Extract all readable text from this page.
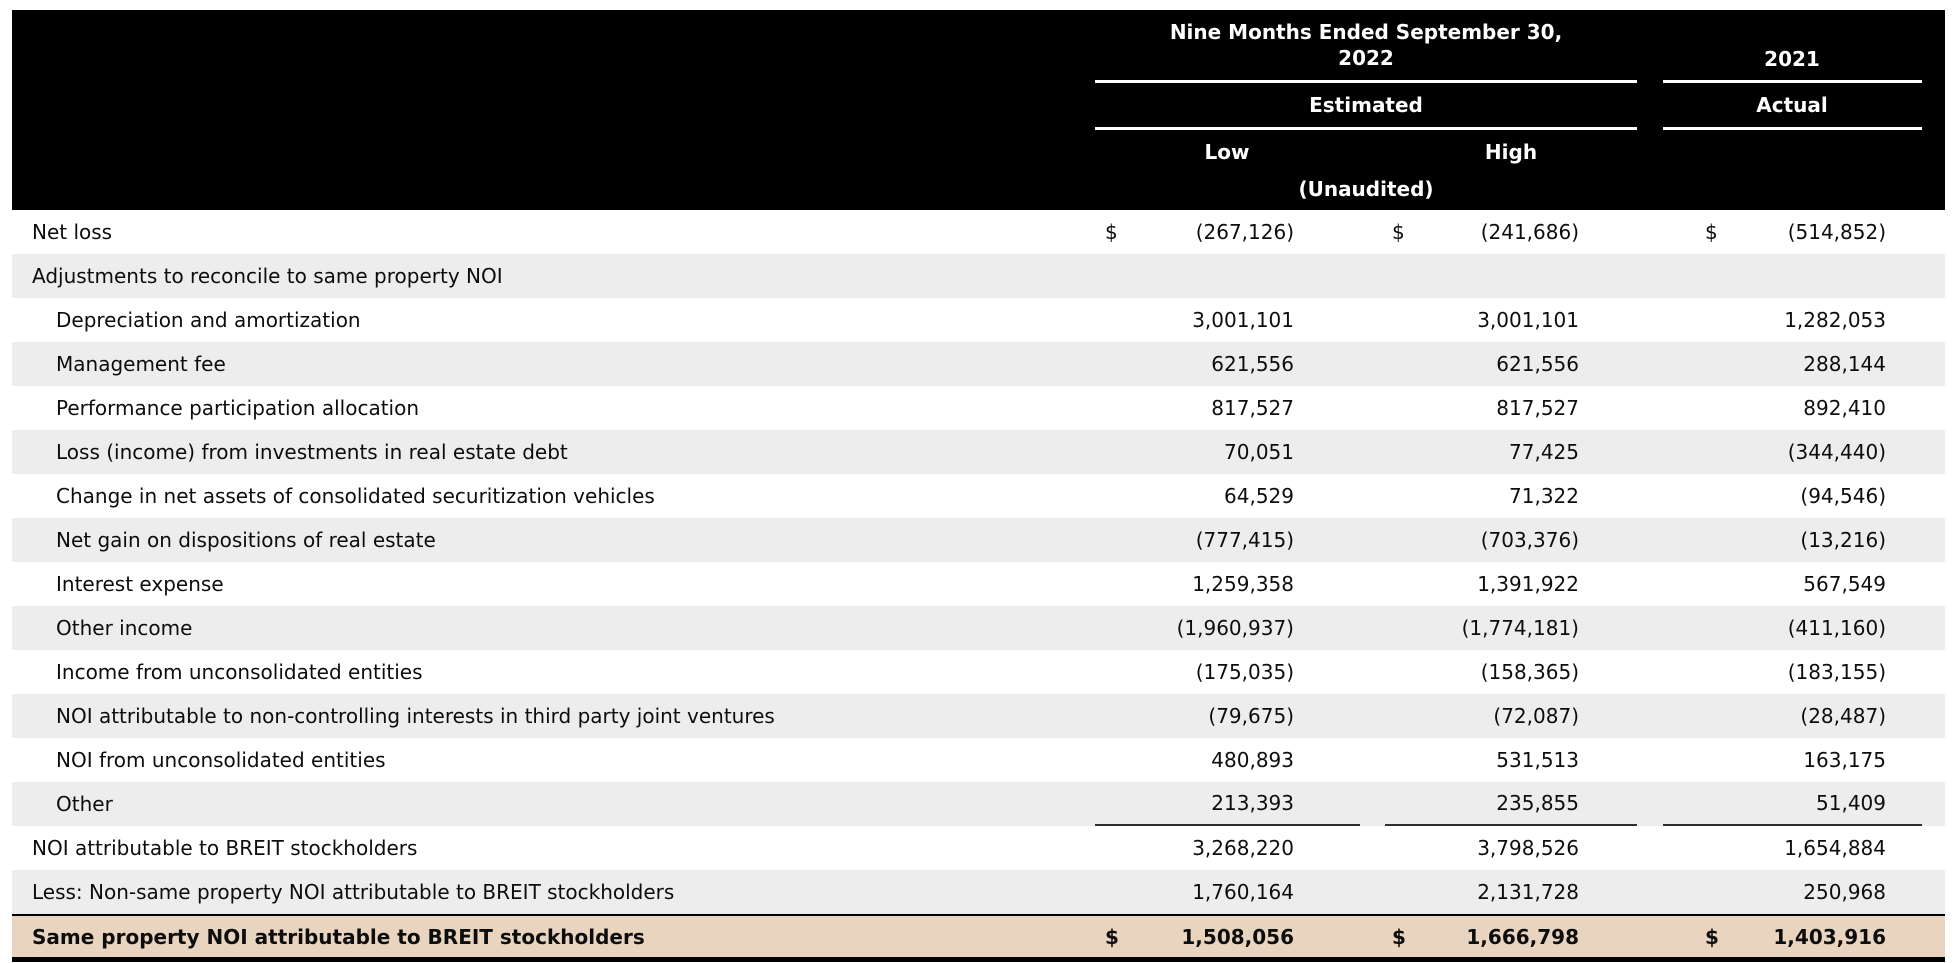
Nine Months Ended September 30,
2022	2021
Estimated	Actual
Low	High
(Unaudited)
Net loss	$	(267,126)	$	(241,686)	$	(514,852)
Adjustments to reconcile to same property NOI
Depreciation and amortization	3,001,101	3,001,101	1,282,053
Management fee	621,556	621,556	288,144
Performance participation allocation	817,527	817,527	892,410
Loss (income) from investments in real estate debt	70,051	77,425	(344,440)
Change in net assets of consolidated securitization vehicles	64,529	71,322	(94,546)
Net gain on dispositions of real estate	(777,415)	(703,376)	(13,216)
Interest expense	1,259,358	1,391,922	567,549
Other income	(1,960,937)	(1,774,181)	(411,160)
Income from unconsolidated entities	(175,035)	(158,365)	(183,155)
NOI attributable to non-controlling interests in third party joint ventures	(79,675)	(72,087)	(28,487)
NOI from unconsolidated entities	480,893	531,513	163,175
Other	213,393	235,855	51,409
NOI attributable to BREIT stockholders	3,268,220	3,798,526	1,654,884
Less: Non-same property NOI attributable to BREIT stockholders	1,760,164	2,131,728	250,968
Same property NOI attributable to BREIT stockholders	$	1,508,056	$	1,666,798	$	1,403,916
